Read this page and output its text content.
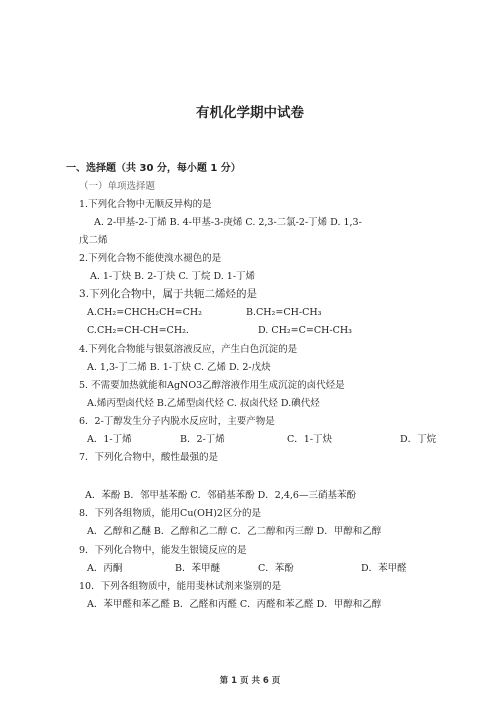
有机化学期中试卷
一、选择题（共 30 分，每小题 1 分）
（一）单项选择题
1.下列化合物中无顺反异构的是
A. 2-甲基-2-丁烯 B. 4-甲基-3-庚烯 C. 2,3-二氯-2-丁烯 D. 1,3-
戊二烯
2.下列化合物不能使溴水褪色的是
A. 1-丁炔 B. 2-丁炔 C. 丁烷 D. 1-丁烯
3.下列化合物中，属于共轭二烯烃的是
A.CH₂=CHCH₂CH=CH₂	B.CH₂=CH-CH₃
C.CH₂=CH-CH=CH₂.	D. CH₂=C=CH-CH₃
4.下列化合物能与银氨溶液反应，产生白色沉淀的是
A. 1,3-丁二烯 B. 1-丁炔 C. 乙烯 D. 2-戊炔
5. 不需要加热就能和AgNO3乙醇溶液作用生成沉淀的卤代烃是
A.烯丙型卤代烃 B.乙烯型卤代烃 C. 叔卤代烃 D.碘代烃
6．2-丁醇发生分子内脱水反应时，主要产物是
A．1-丁烯	B．2-丁烯	C．1-丁炔	D．丁烷
7．下列化合物中，酸性最强的是
A．苯酚 B．邻甲基苯酚 C．邻硝基苯酚 D．2,4,6—三硝基苯酚
8．下列各组物质，能用Cu(OH)2区分的是
A．乙醇和乙醚 B．乙醇和乙二醇 C．乙二醇和丙三醇 D．甲醇和乙醇
9．下列化合物中，能发生银镜反应的是
A．丙酮	B．苯甲醚	C．苯酚	D．苯甲醛
10．下列各组物质中，能用斐林试剂来鉴别的是
A．苯甲醛和苯乙醛 B．乙醛和丙醛 C．丙醛和苯乙醛 D．甲醇和乙醇
第 1 页 共 6 页
